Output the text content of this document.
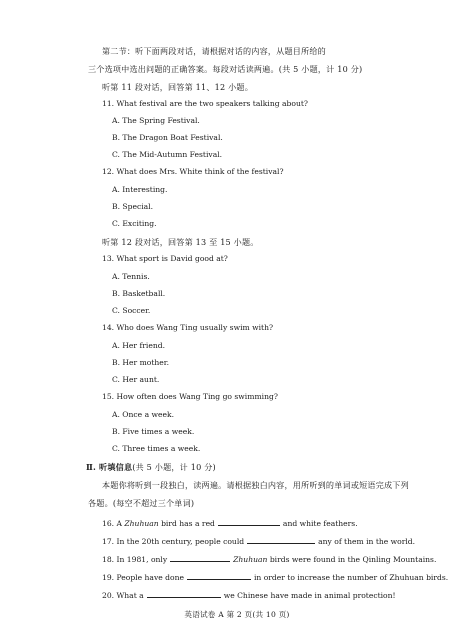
第二节：听下面两段对话，请根据对话的内容，从题目所给的
三个选项中选出问题的正确答案。每段对话读两遍。(共 5 小题，计 10 分)
听第 11 段对话，回答第 11、12 小题。
11. What festival are the two speakers talking about?
A. The Spring Festival.
B. The Dragon Boat Festival.
C. The Mid-Autumn Festival.
12. What does Mrs. White think of the festival?
A. Interesting.
B. Special.
C. Exciting.
听第 12 段对话，回答第 13 至 15 小题。
13. What sport is David good at?
A. Tennis.
B. Basketball.
C. Soccer.
14. Who does Wang Ting usually swim with?
A. Her friend.
B. Her mother.
C. Her aunt.
15. How often does Wang Ting go swimming?
A. Once a week.
B. Five times a week.
C. Three times a week.
Ⅱ. 听填信息(共 5 小题，计 10 分)
本题你将听到一段独白，读两遍。请根据独白内容，用所听到的单词或短语完成下列
各题。(每空不超过三个单词)
16. A Zhuhuan bird has a red	and white feathers.
17. In the 20th century, people could	any of them in the world.
18. In 1981, only	Zhuhuan birds were found in the Qinling Mountains.
19. People have done	in order to increase the number of Zhuhuan birds.
20. What a	we Chinese have made in animal protection!
英语试卷 A 第 2 页(共 10 页)
